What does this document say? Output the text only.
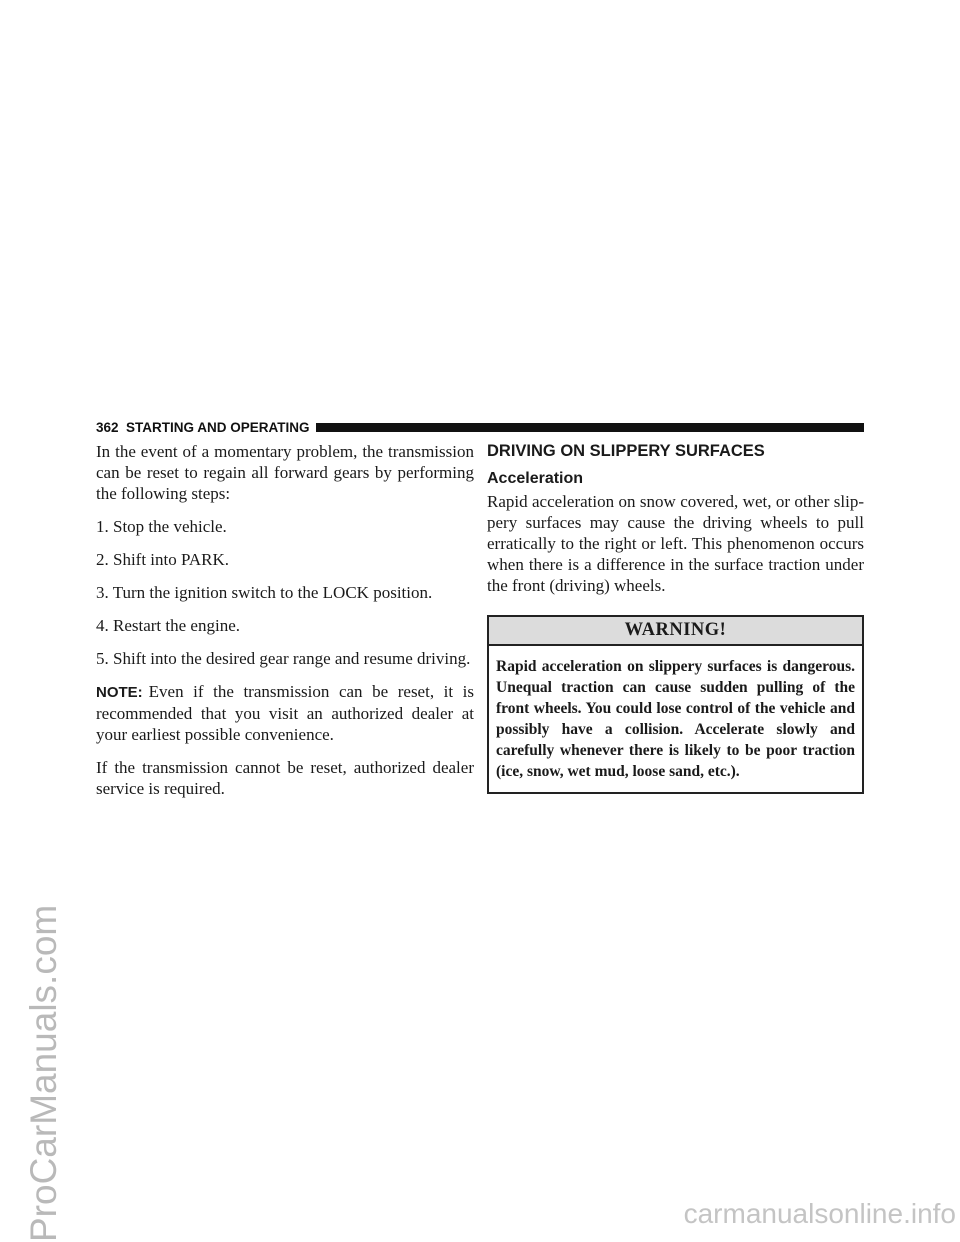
ProCarManuals.com	carmanualsonline.info
362 STARTING AND OPERATING

In the event of a momentary problem, the transmission can be reset to regain all forward gears by performing the following steps:

1. Stop the vehicle.

2. Shift into PARK.

3. Turn the ignition switch to the LOCK position.

4. Restart the engine.

5. Shift into the desired gear range and resume driving.

NOTE: Even if the transmission can be reset, it is recommended that you visit an authorized dealer at your earliest possible convenience.

If the transmission cannot be reset, authorized dealer service is required.

DRIVING ON SLIPPERY SURFACES
Acceleration

Rapid acceleration on snow covered, wet, or other slip-pery surfaces may cause the driving wheels to pull erratically to the right or left. This phenomenon occurs when there is a difference in the surface traction under the front (driving) wheels.

WARNING!
Rapid acceleration on slippery surfaces is dangerous. Unequal traction can cause sudden pulling of the front wheels. You could lose control of the vehicle and possibly have a collision. Accelerate slowly and carefully whenever there is likely to be poor traction (ice, snow, wet mud, loose sand, etc.).
